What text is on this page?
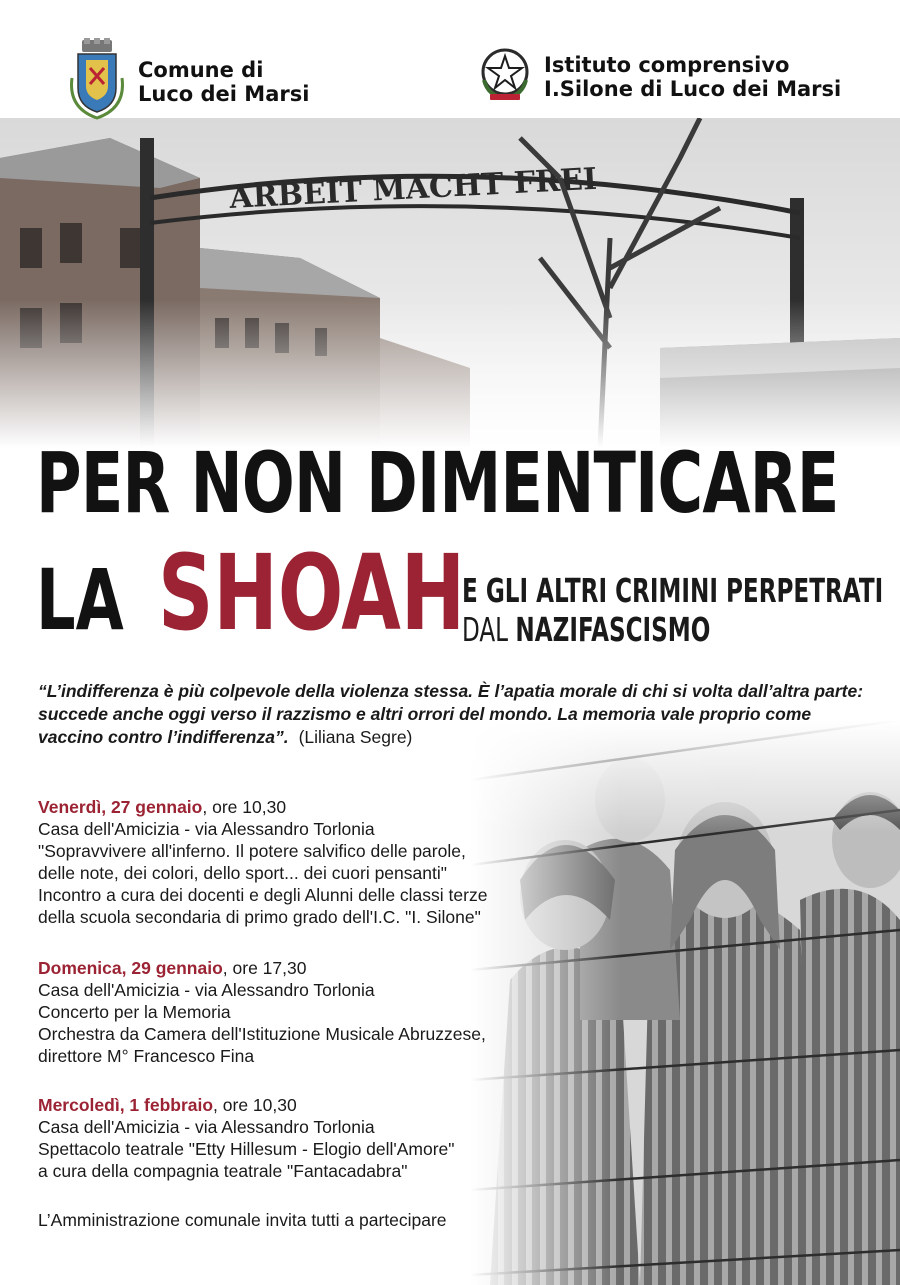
Comune di
Luco dei Marsi
Istituto comprensivo
I.Silone di Luco dei Marsi
PER NON DIMENTICARE
LA SHOAH
E GLI ALTRI CRIMINI PERPETRATI
DAL NAZIFASCISMO
“L’indifferenza è più colpevole della violenza stessa. È l’apatia morale di chi si volta dall’altra parte: succede anche oggi verso il razzismo e altri orrori del mondo. La memoria vale proprio come vaccino contro l’indifferenza”. (Liliana Segre)
Venerdì, 27 gennaio, ore 10,30
Casa dell'Amicizia - via Alessandro Torlonia
"Sopravvivere all'inferno. Il potere salvifico delle parole,
delle note, dei colori, dello sport... dei cuori pensanti"
Incontro a cura dei docenti e degli Alunni delle classi terze
della scuola secondaria di primo grado dell'I.C. "I. Silone"
Domenica, 29 gennaio, ore 17,30
Casa dell'Amicizia - via Alessandro Torlonia
Concerto per la Memoria
Orchestra da Camera dell'Istituzione Musicale Abruzzese,
direttore M° Francesco Fina
Mercoledì, 1 febbraio, ore 10,30
Casa dell'Amicizia - via Alessandro Torlonia
Spettacolo teatrale "Etty Hillesum - Elogio dell'Amore"
a cura della compagnia teatrale "Fantacadabra"
L’Amministrazione comunale invita tutti a partecipare
